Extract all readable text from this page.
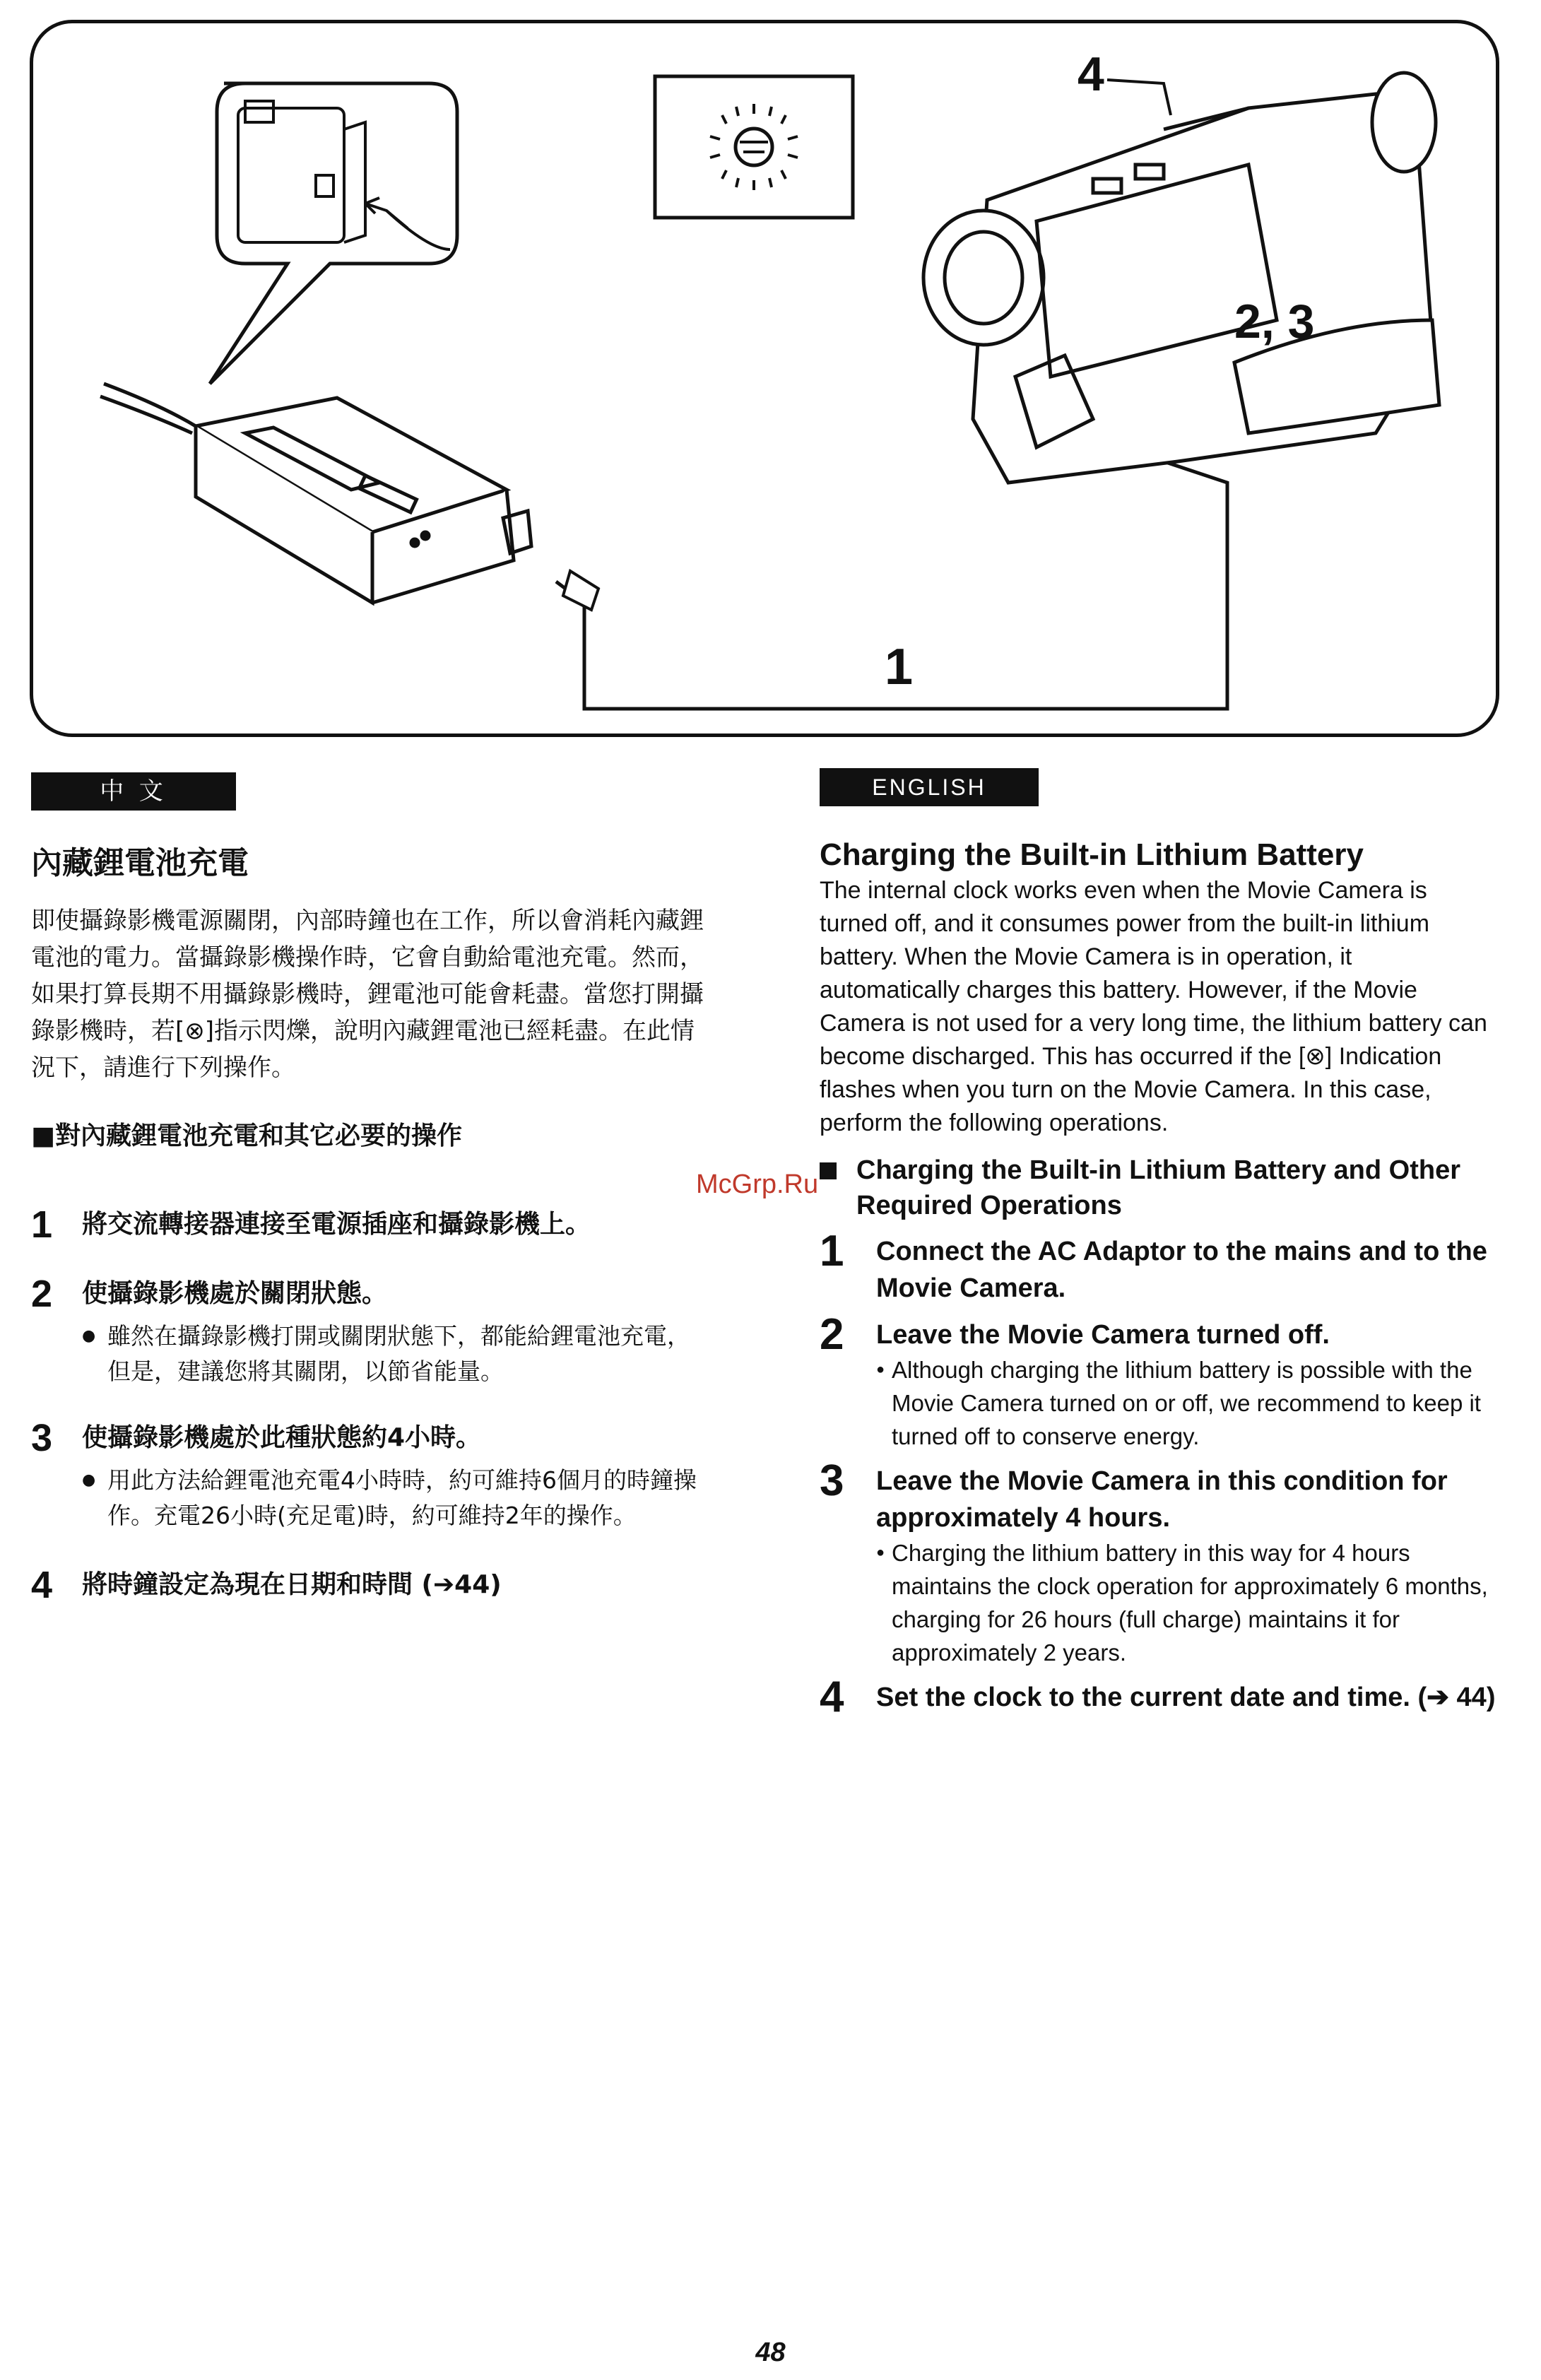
4
2, 3
1
中 文	ENGLISH
內藏鋰電池充電

即使攝錄影機電源關閉，內部時鐘也在工作，所以會消耗內藏鋰電池的電力。當攝錄影機操作時，它會自動給電池充電。然而，如果打算長期不用攝錄影機時，鋰電池可能會耗盡。當您打開攝錄影機時，若[⊗]指示閃爍，說明內藏鋰電池已經耗盡。在此情況下，請進行下列操作。

■對內藏鋰電池充電和其它必要的操作
1 將交流轉接器連接至電源插座和攝錄影機上。
2 使攝錄影機處於關閉狀態。
● 雖然在攝錄影機打開或關閉狀態下，都能給鋰電池充電，但是，建議您將其關閉，以節省能量。
3 使攝錄影機處於此種狀態約4小時。
● 用此方法給鋰電池充電4小時時，約可維持6個月的時鐘操作。充電26小時(充足電)時，約可維持2年的操作。
4 將時鐘設定為現在日期和時間 (➔44)
Charging the Built-in Lithium Battery

The internal clock works even when the Movie Camera is turned off, and it consumes power from the built-in lithium battery. When the Movie Camera is in operation, it automatically charges this battery. However, if the Movie Camera is not used for a very long time, the lithium battery can become discharged. This has occurred if the [⊗] Indication flashes when you turn on the Movie Camera. In this case, perform the following operations.

Charging the Built-in Lithium Battery and Other Required Operations
1 Connect the AC Adaptor to the mains and to the Movie Camera.
2 Leave the Movie Camera turned off.
● Although charging the lithium battery is possible with the Movie Camera turned on or off, we recommend to keep it turned off to conserve energy.
3 Leave the Movie Camera in this condition for approximately 4 hours.
● Charging the lithium battery in this way for 4 hours maintains the clock operation for approximately 6 months, charging for 26 hours (full charge) maintains it for approximately 2 years.
4 Set the clock to the current date and time. (➔ 44)
McGrp.Ru
48
